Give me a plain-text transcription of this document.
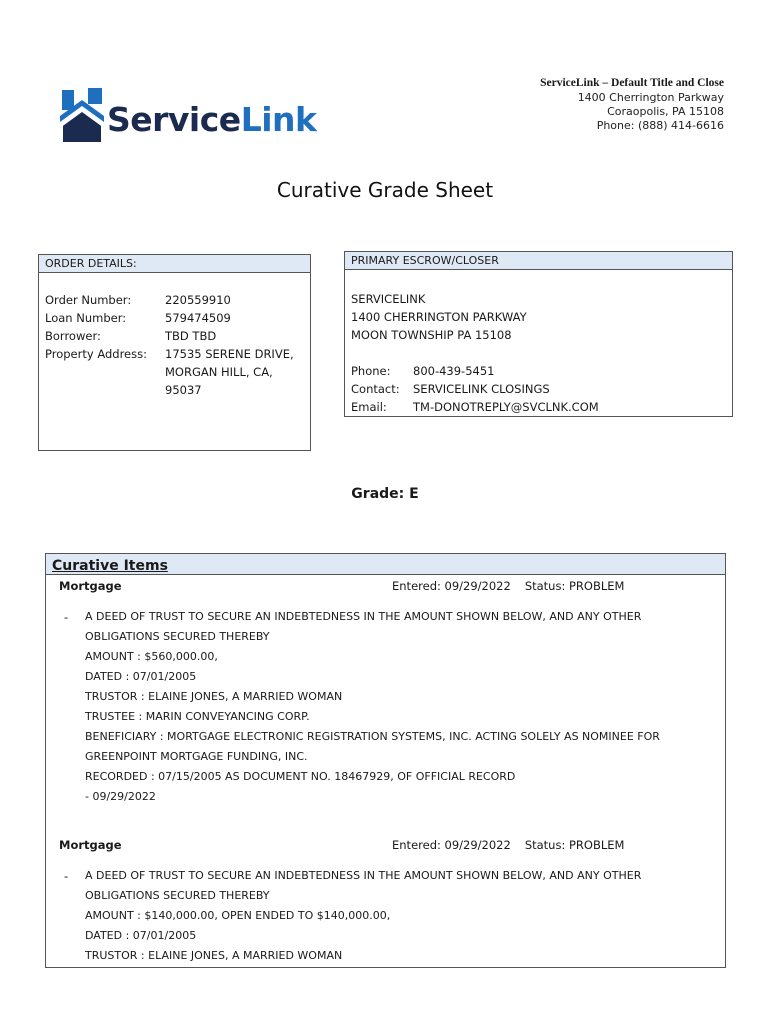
ServiceLink
ServiceLink – Default Title and Close
1400 Cherrington Parkway
Coraopolis, PA 15108
Phone: (888) 414-6616
Curative Grade Sheet
ORDER DETAILS:
Order Number:
Loan Number:
Borrower:
Property Address:
220559910
579474509
TBD TBD
17535 SERENE DRIVE,
MORGAN HILL, CA,
95037
PRIMARY ESCROW/CLOSER
SERVICELINK
1400 CHERRINGTON PARKWAY
MOON TOWNSHIP PA 15108
Phone:
Contact:
Email:
800-439-5451
SERVICELINK CLOSINGS
TM-DONOTREPLY@SVCLNK.COM
Grade: E
Curative Items
Mortgage	Entered: 09/29/2022 Status: PROBLEM
- A DEED OF TRUST TO SECURE AN INDEBTEDNESS IN THE AMOUNT SHOWN BELOW, AND ANY OTHER
OBLIGATIONS SECURED THEREBY
AMOUNT : $560,000.00,
DATED : 07/01/2005
TRUSTOR : ELAINE JONES, A MARRIED WOMAN
TRUSTEE : MARIN CONVEYANCING CORP.
BENEFICIARY : MORTGAGE ELECTRONIC REGISTRATION SYSTEMS, INC. ACTING SOLELY AS NOMINEE FOR
GREENPOINT MORTGAGE FUNDING, INC.
RECORDED : 07/15/2005 AS DOCUMENT NO. 18467929, OF OFFICIAL RECORD
- 09/29/2022
Mortgage	Entered: 09/29/2022 Status: PROBLEM
- A DEED OF TRUST TO SECURE AN INDEBTEDNESS IN THE AMOUNT SHOWN BELOW, AND ANY OTHER
OBLIGATIONS SECURED THEREBY
AMOUNT : $140,000.00, OPEN ENDED TO $140,000.00,
DATED : 07/01/2005
TRUSTOR : ELAINE JONES, A MARRIED WOMAN
